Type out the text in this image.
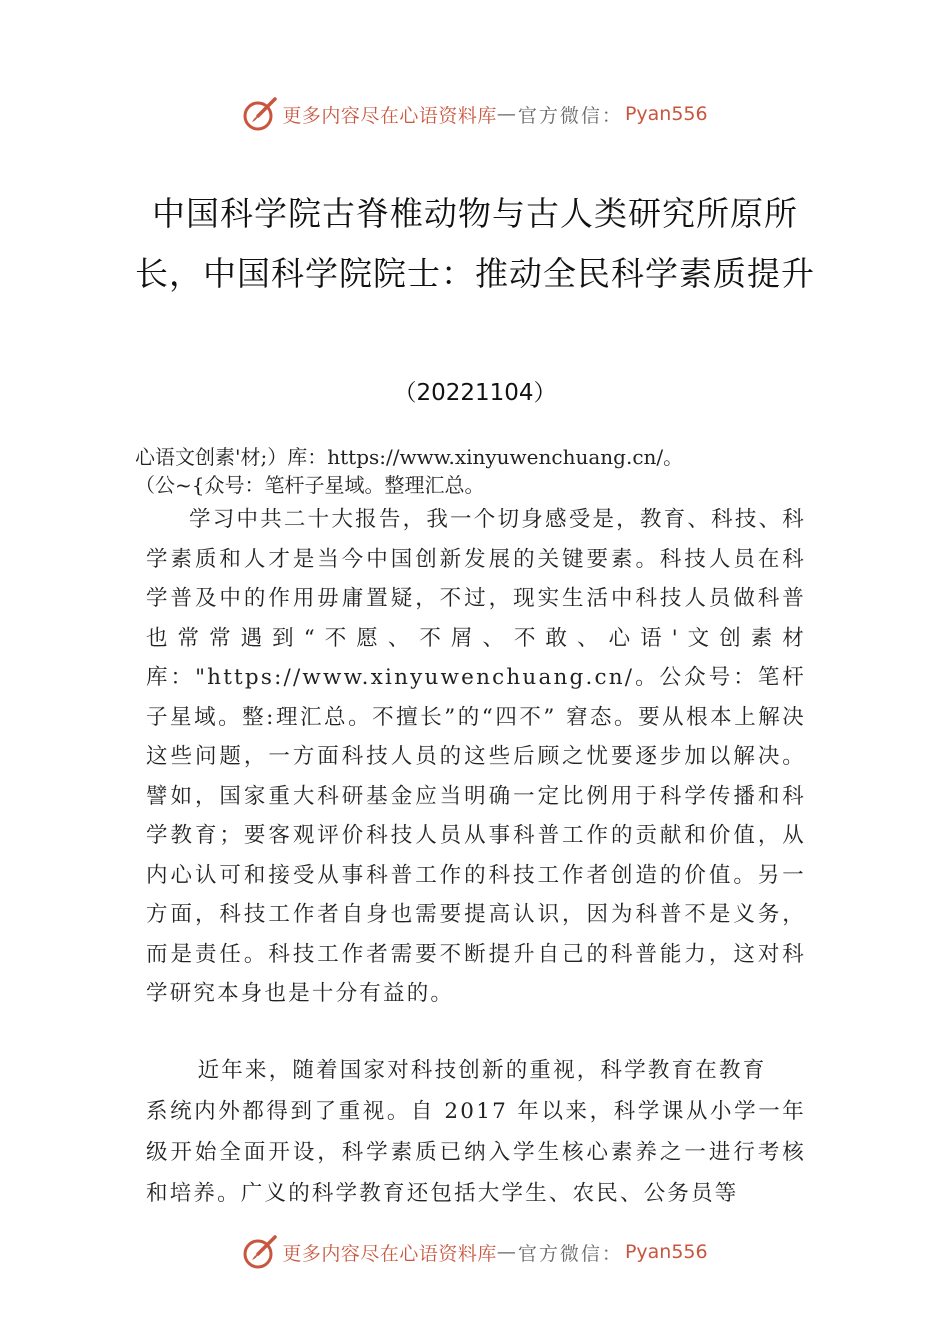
更多内容尽在心语资料库 — 官方微信： Pyan556
中国科学院古脊椎动物与古人类研究所原所长，中国科学院院士：推动全民科学素质提升
（20221104）
心语文创素'材;）库：https://www.xinyuwenchuang.cn/。
（公~{众号：笔杆子星域。整理汇总。

学习中共二十大报告，我一个切身感受是，教育、科技、科学素质和人才是当今中国创新发展的关键要素。科技人员在科学普及中的作用毋庸置疑，不过，现实生活中科技人员做科普也常常遇到“不愿、不屑、不敢、心语'文创素材库："https://www.xinyuwenchuang.cn/。公众号：笔杆子星域。整:理汇总。不擅长”的“四不” 窘态。要从根本上解决这些问题，一方面科技人员的这些后顾之忧要逐步加以解决。譬如，国家重大科研基金应当明确一定比例用于科学传播和科学教育；要客观评价科技人员从事科普工作的贡献和价值，从内心认可和接受从事科普工作的科技工作者创造的价值。另一方面，科技工作者自身也需要提高认识，因为科普不是义务，而是责任。科技工作者需要不断提升自己的科普能力，这对科学研究本身也是十分有益的。

近年来，随着国家对科技创新的重视，科学教育在教育
系统内外都得到了重视。自 2017 年以来，科学课从小学一年级开始全面开设，科学素质已纳入学生核心素养之一进行考核和培养。广义的科学教育还包括大学生、农民、公务员等
更多内容尽在心语资料库 — 官方微信： Pyan556
